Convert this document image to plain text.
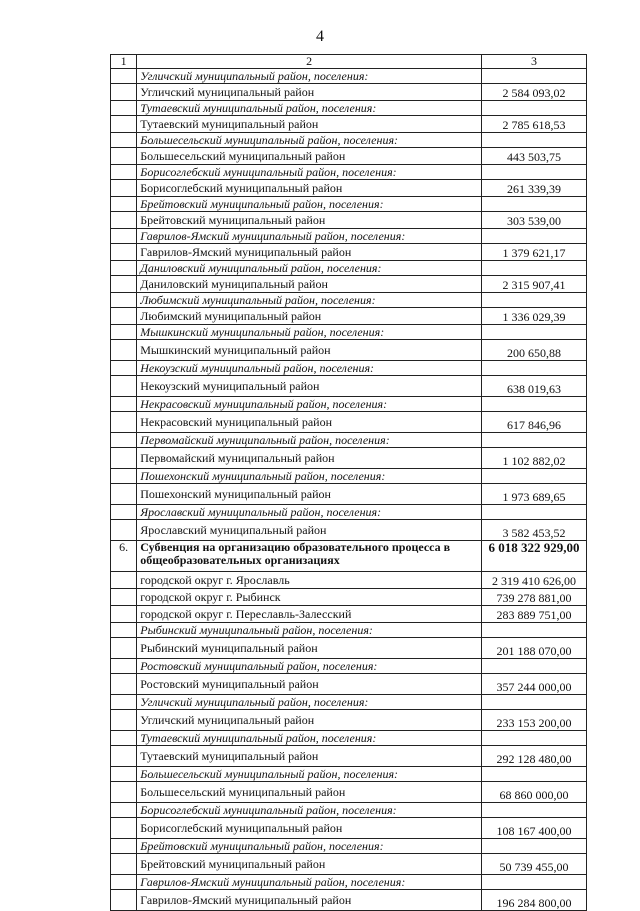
4
1	2	3
	Угличский муниципальный район, поселения:	
	Угличский муниципальный район	2 584 093,02
	Тутаевский муниципальный район, поселения:	
	Тутаевский муниципальный район	2 785 618,53
	Большесельский муниципальный район, поселения:	
	Большесельский муниципальный район	443 503,75
	Борисоглебский муниципальный район, поселения:	
	Борисоглебский муниципальный район	261 339,39
	Брейтовский муниципальный район, поселения:	
	Брейтовский муниципальный район	303 539,00
	Гаврилов-Ямский муниципальный район, поселения:	
	Гаврилов-Ямский муниципальный район	1 379 621,17
	Даниловский муниципальный район, поселения:	
	Даниловский муниципальный район	2 315 907,41
	Любимский муниципальный район, поселения:	
	Любимский муниципальный район	1 336 029,39
	Мышкинский муниципальный район, поселения:	
	Мышкинский муниципальный район	200 650,88
	Некоузский муниципальный район, поселения:	
	Некоузский муниципальный район	638 019,63
	Некрасовский муниципальный район, поселения:	
	Некрасовский муниципальный район	617 846,96
	Первомайский муниципальный район, поселения:	
	Первомайский муниципальный район	1 102 882,02
	Пошехонский муниципальный район, поселения:	
	Пошехонский муниципальный район	1 973 689,65
	Ярославский муниципальный район, поселения:	
	Ярославский муниципальный район	3 582 453,52
6.	Субвенция на организацию образовательного процесса в общеобразовательных организациях	6 018 322 929,00
	городской округ г. Ярославль	2 319 410 626,00
	городской округ г. Рыбинск	739 278 881,00
	городской округ г. Переславль-Залесский	283 889 751,00
	Рыбинский муниципальный район, поселения:	
	Рыбинский муниципальный район	201 188 070,00
	Ростовский муниципальный район, поселения:	
	Ростовский муниципальный район	357 244 000,00
	Угличский муниципальный район, поселения:	
	Угличский муниципальный район	233 153 200,00
	Тутаевский муниципальный район, поселения:	
	Тутаевский муниципальный район	292 128 480,00
	Большесельский муниципальный район, поселения:	
	Большесельский муниципальный район	68 860 000,00
	Борисоглебский муниципальный район, поселения:	
	Борисоглебский муниципальный район	108 167 400,00
	Брейтовский муниципальный район, поселения:	
	Брейтовский муниципальный район	50 739 455,00
	Гаврилов-Ямский муниципальный район, поселения:	
	Гаврилов-Ямский муниципальный район	196 284 800,00
